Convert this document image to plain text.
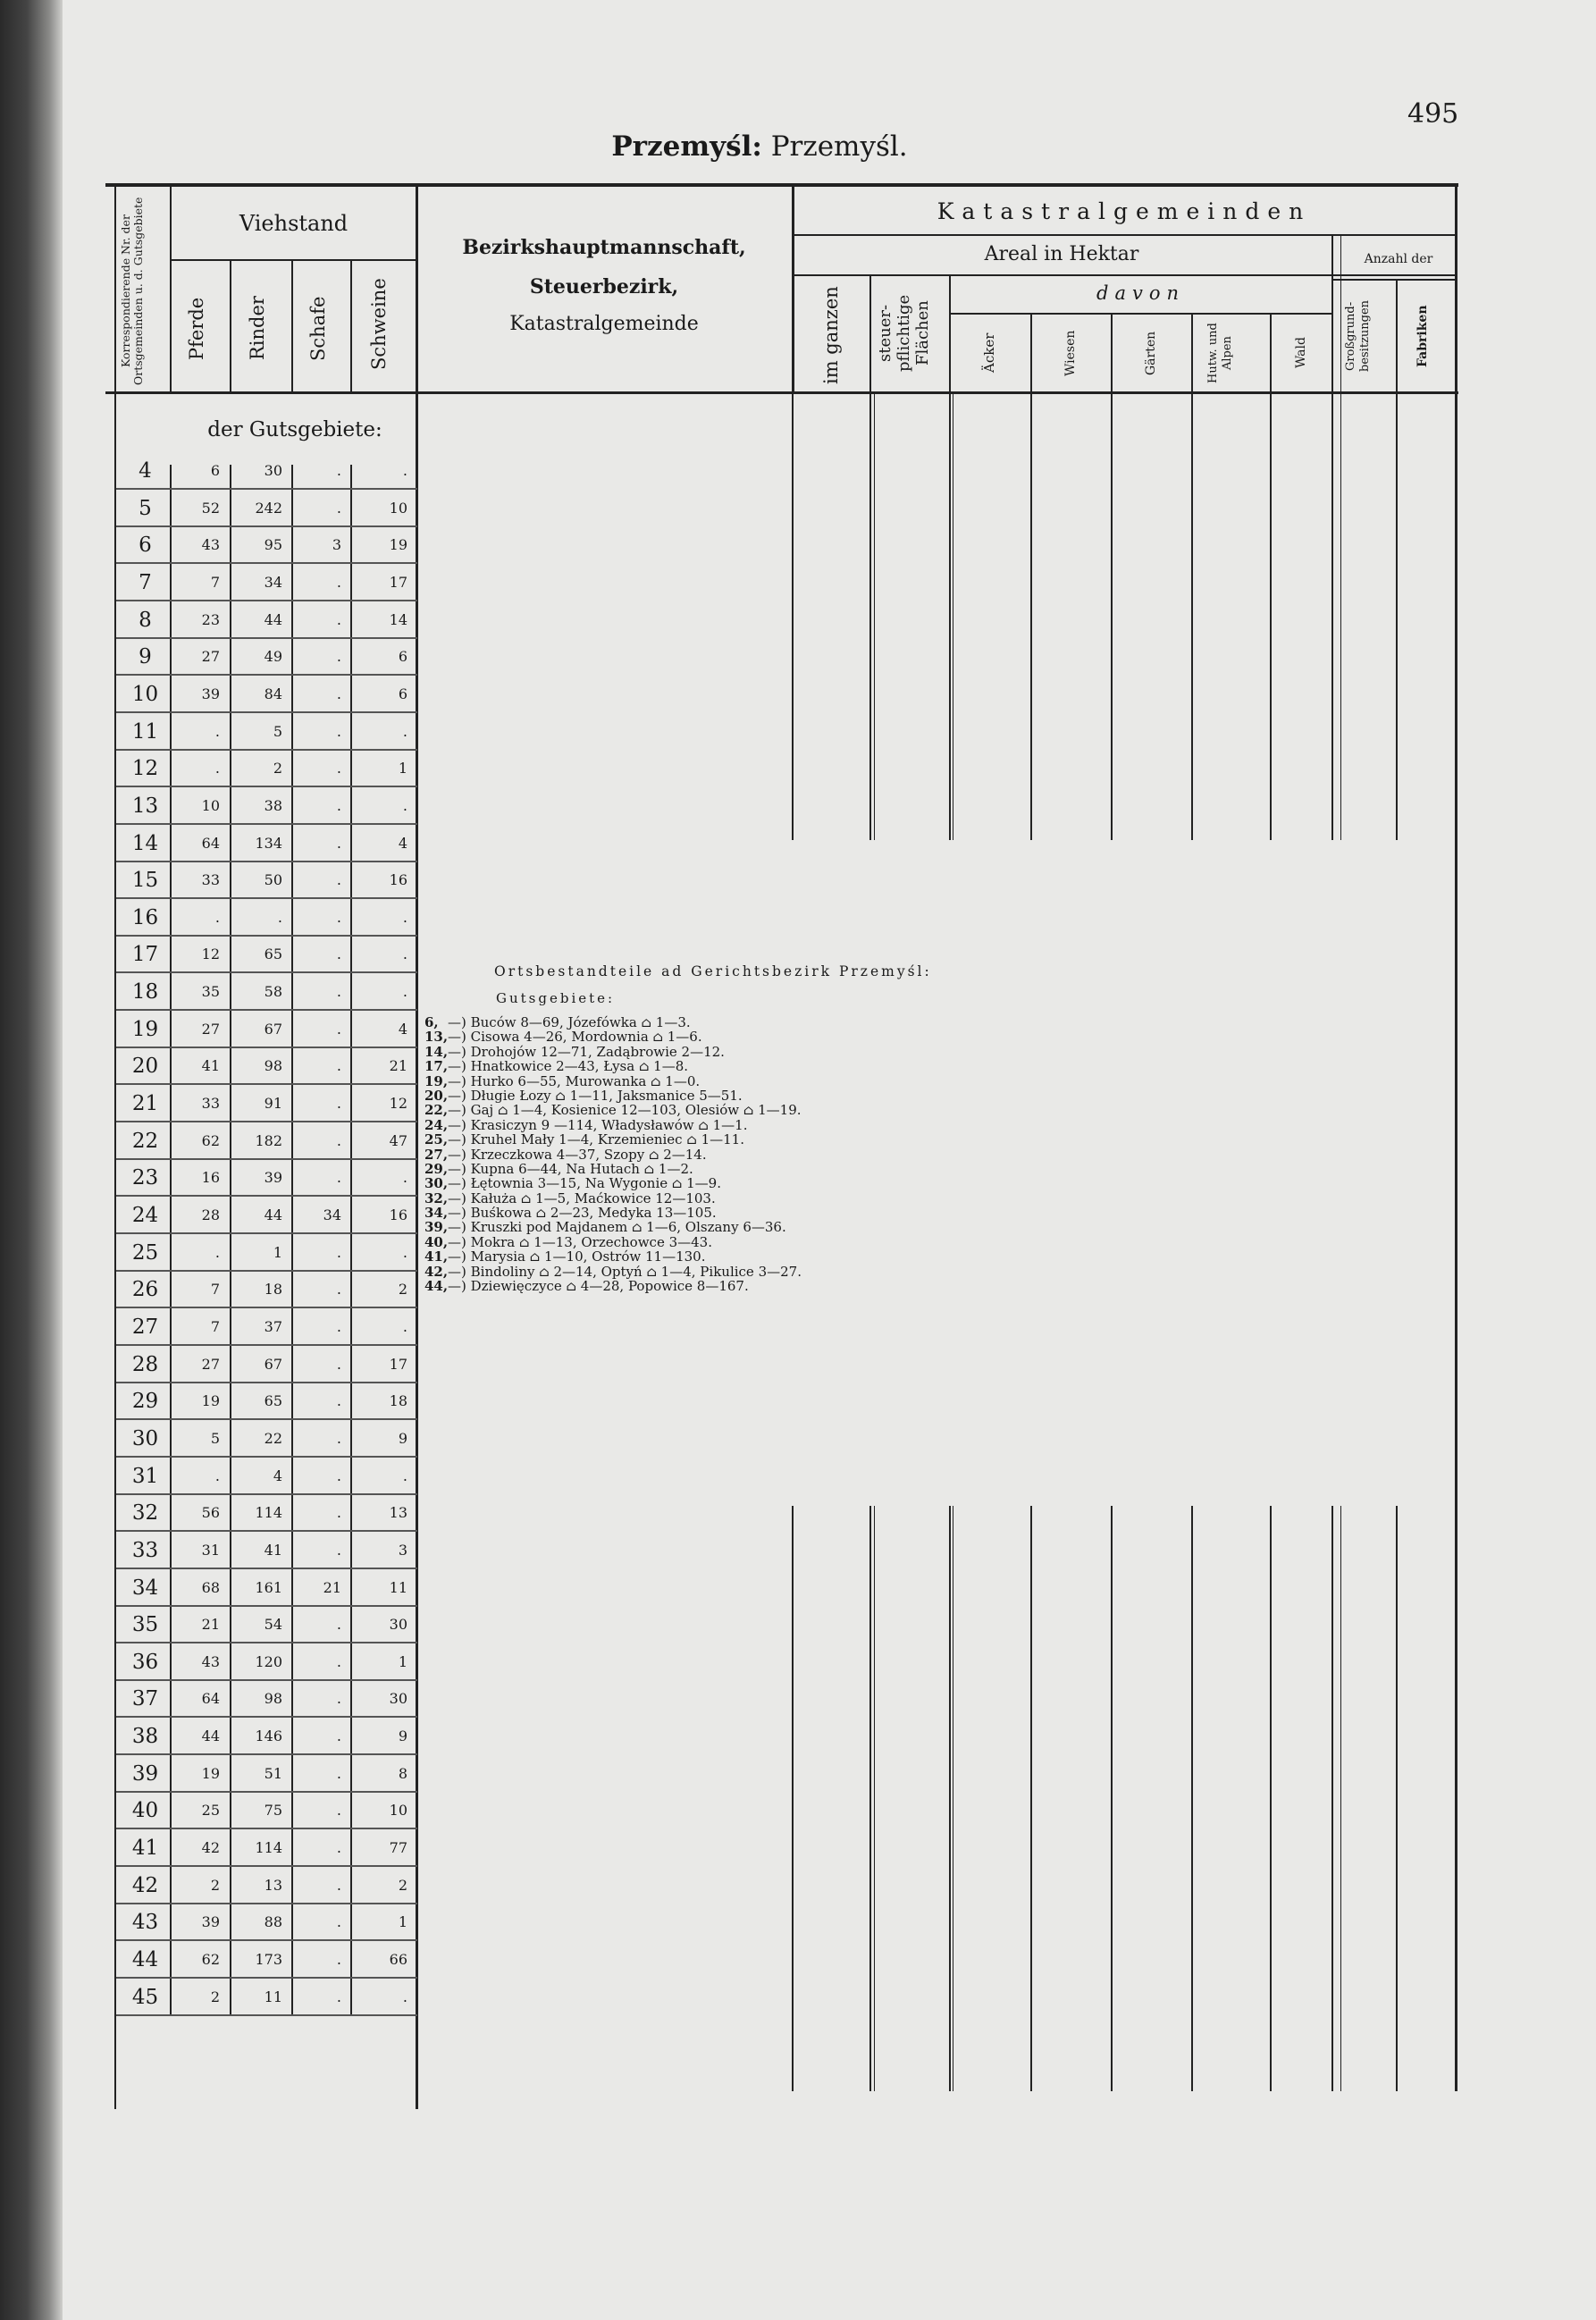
Przemyśl: Przemyśl.
495
Korrespondierende Nr. der Ortsgemeinden u. d. Gutsgebiete	Viehstand
Pferde Rinder Schafe Schweine
Bezirkshauptmannschaft,
Steuerbezirk,
Katastralgemeinde
Katastralgemeinden
Areal in Hektar	Anzahl der
im ganzen steuer-pflichtige Flächen
davon
Äcker	Wiesen	Gärten	Hutw. und Alpen	Wald	Großgrund-besitzungen	Fabriken
der Gutsgebiete:
4	6	30	.	.
5	52	242	.	10
6	43	95	3	19
7	7	34	.	17
8	23	44	.	14
9	27	49	.	6
10	39	84	.	6
11	.	5	.	.
12	.	2	.	1
13	10	38	.	.
14	64	134	.	4
15	33	50	.	16
16	.	.	.	.
17	12	65	.	.
18	35	58	.	.
19	27	67	.	4
20	41	98	.	21
21	33	91	.	12
22	62	182	.	47
23	16	39	.	.
24	28	44	34	16
25	.	1	.	.
26	7	18	.	2
27	7	37	.	.
28	27	67	.	17
29	19	65	.	18
30	5	22	.	9
31	.	4	.	.
32	56	114	.	13
33	31	41	.	3
34	68	161	21	11
35	21	54	.	30
36	43	120	.	1
37	64	98	.	30
38	44	146	.	9
39	19	51	.	8
40	25	75	.	10
41	42	114	.	77
42	2	13	.	2
43	39	88	.	1
44	62	173	.	66
45	2	11	.	.
Ortsbestandteile ad Gerichtsbezirk Przemyśl:
Gutsgebiete:
6, —) Buców 8—69, Józefówka ⌂ 1—3.
13,—) Cisowa 4—26, Mordownia ⌂ 1—6.
14,—) Drohojów 12—71, Zadąbrowie 2—12.
17,—) Hnatkowice 2—43, Łysa ⌂ 1—8.
19,—) Hurko 6—55, Murowanka ⌂ 1—0.
20,—) Długie Łozy ⌂ 1—11, Jaksmanice 5—51.
22,—) Gaj ⌂ 1—4, Kosienice 12—103, Olesiów ⌂ 1—19.
24,—) Krasiczyn 9 —114, Władysławów ⌂ 1—1.
25,—) Kruhel Mały 1—4, Krzemieniec ⌂ 1—11.
27,—) Krzeczkowa 4—37, Szopy ⌂ 2—14.
29,—) Kupna 6—44, Na Hutach ⌂ 1—2.
30,—) Łętownia 3—15, Na Wygonie ⌂ 1—9.
32,—) Kałuża ⌂ 1—5, Maćkowice 12—103.
34,—) Buśkowa ⌂ 2—23, Medyka 13—105.
39,—) Kruszki pod Majdanem ⌂ 1—6, Olszany 6—36.
40,—) Mokra ⌂ 1—13, Orzechowce 3—43.
41,—) Marysia ⌂ 1—10, Ostrów 11—130.
42,—) Bindoliny ⌂ 2—14, Optyń ⌂ 1—4, Pikulice 3—27.
44,—) Dziewięczyce ⌂ 4—28, Popowice 8—167.
